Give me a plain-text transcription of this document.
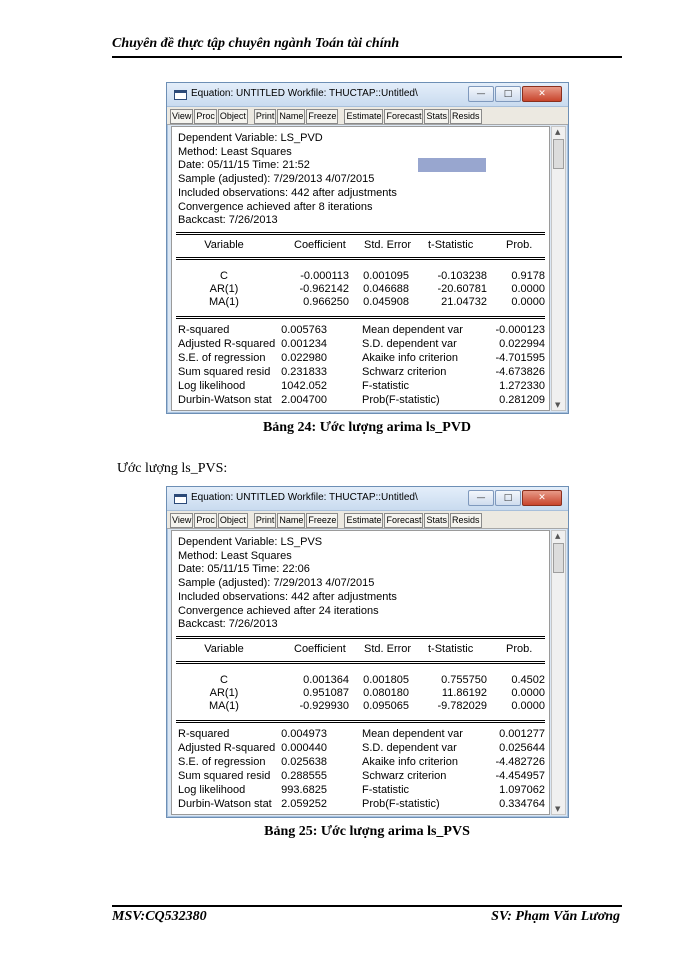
Chuyên đề thực tập chuyên ngành Toán tài chính
Equation: UNTITLED Workfile: THUCTAP::Untitled\	—	□	✕
View Proc Object Print Name Freeze Estimate Forecast Stats Resids
Dependent Variable: LS_PVD
Method: Least Squares
Date: 05/11/15 Time: 21:52
Sample (adjusted): 7/29/2013 4/07/2015
Included observations: 442 after adjustments
Convergence achieved after 8 iterations
Backcast: 7/26/2013
Variable	Coefficient Std. Error t-Statistic	Prob.
C	-0.000113 0.001095	-0.103238 0.9178
AR(1)	-0.962142 0.046688	-20.60781 0.0000
MA(1)	0.966250 0.045908	21.04732 0.0000
R-squared	0.005763	Mean dependent var	-0.000123
Adjusted R-squared 0.001234	S.D. dependent var	0.022994
S.E. of regression 0.022980	Akaike info criterion	-4.701595
Sum squared resid 0.231833	Schwarz criterion	-4.673826
Log likelihood	1042.052	F-statistic	1.272330
Durbin-Watson stat 2.004700	Prob(F-statistic)	0.281209
▲
▼
Bảng 24: Ước lượng arima ls_PVD
Ước lượng ls_PVS:
Equation: UNTITLED Workfile: THUCTAP::Untitled\	—	□	✕
View Proc Object Print Name Freeze Estimate Forecast Stats Resids
Dependent Variable: LS_PVS
Method: Least Squares
Date: 05/11/15 Time: 22:06
Sample (adjusted): 7/29/2013 4/07/2015
Included observations: 442 after adjustments
Convergence achieved after 24 iterations
Backcast: 7/26/2013
Variable	Coefficient Std. Error t-Statistic	Prob.
C	0.001364 0.001805	0.755750 0.4502
AR(1)	0.951087 0.080180	11.86192 0.0000
MA(1)	-0.929930 0.095065	-9.782029 0.0000
R-squared	0.004973	Mean dependent var	0.001277
Adjusted R-squared 0.000440	S.D. dependent var	0.025644
S.E. of regression 0.025638	Akaike info criterion	-4.482726
Sum squared resid 0.288555	Schwarz criterion	-4.454957
Log likelihood	993.6825	F-statistic	1.097062
Durbin-Watson stat 2.059252	Prob(F-statistic)	0.334764
▲
▼
Bảng 25: Ước lượng arima ls_PVS
MSV:CQ532380	SV: Phạm Văn Lương
